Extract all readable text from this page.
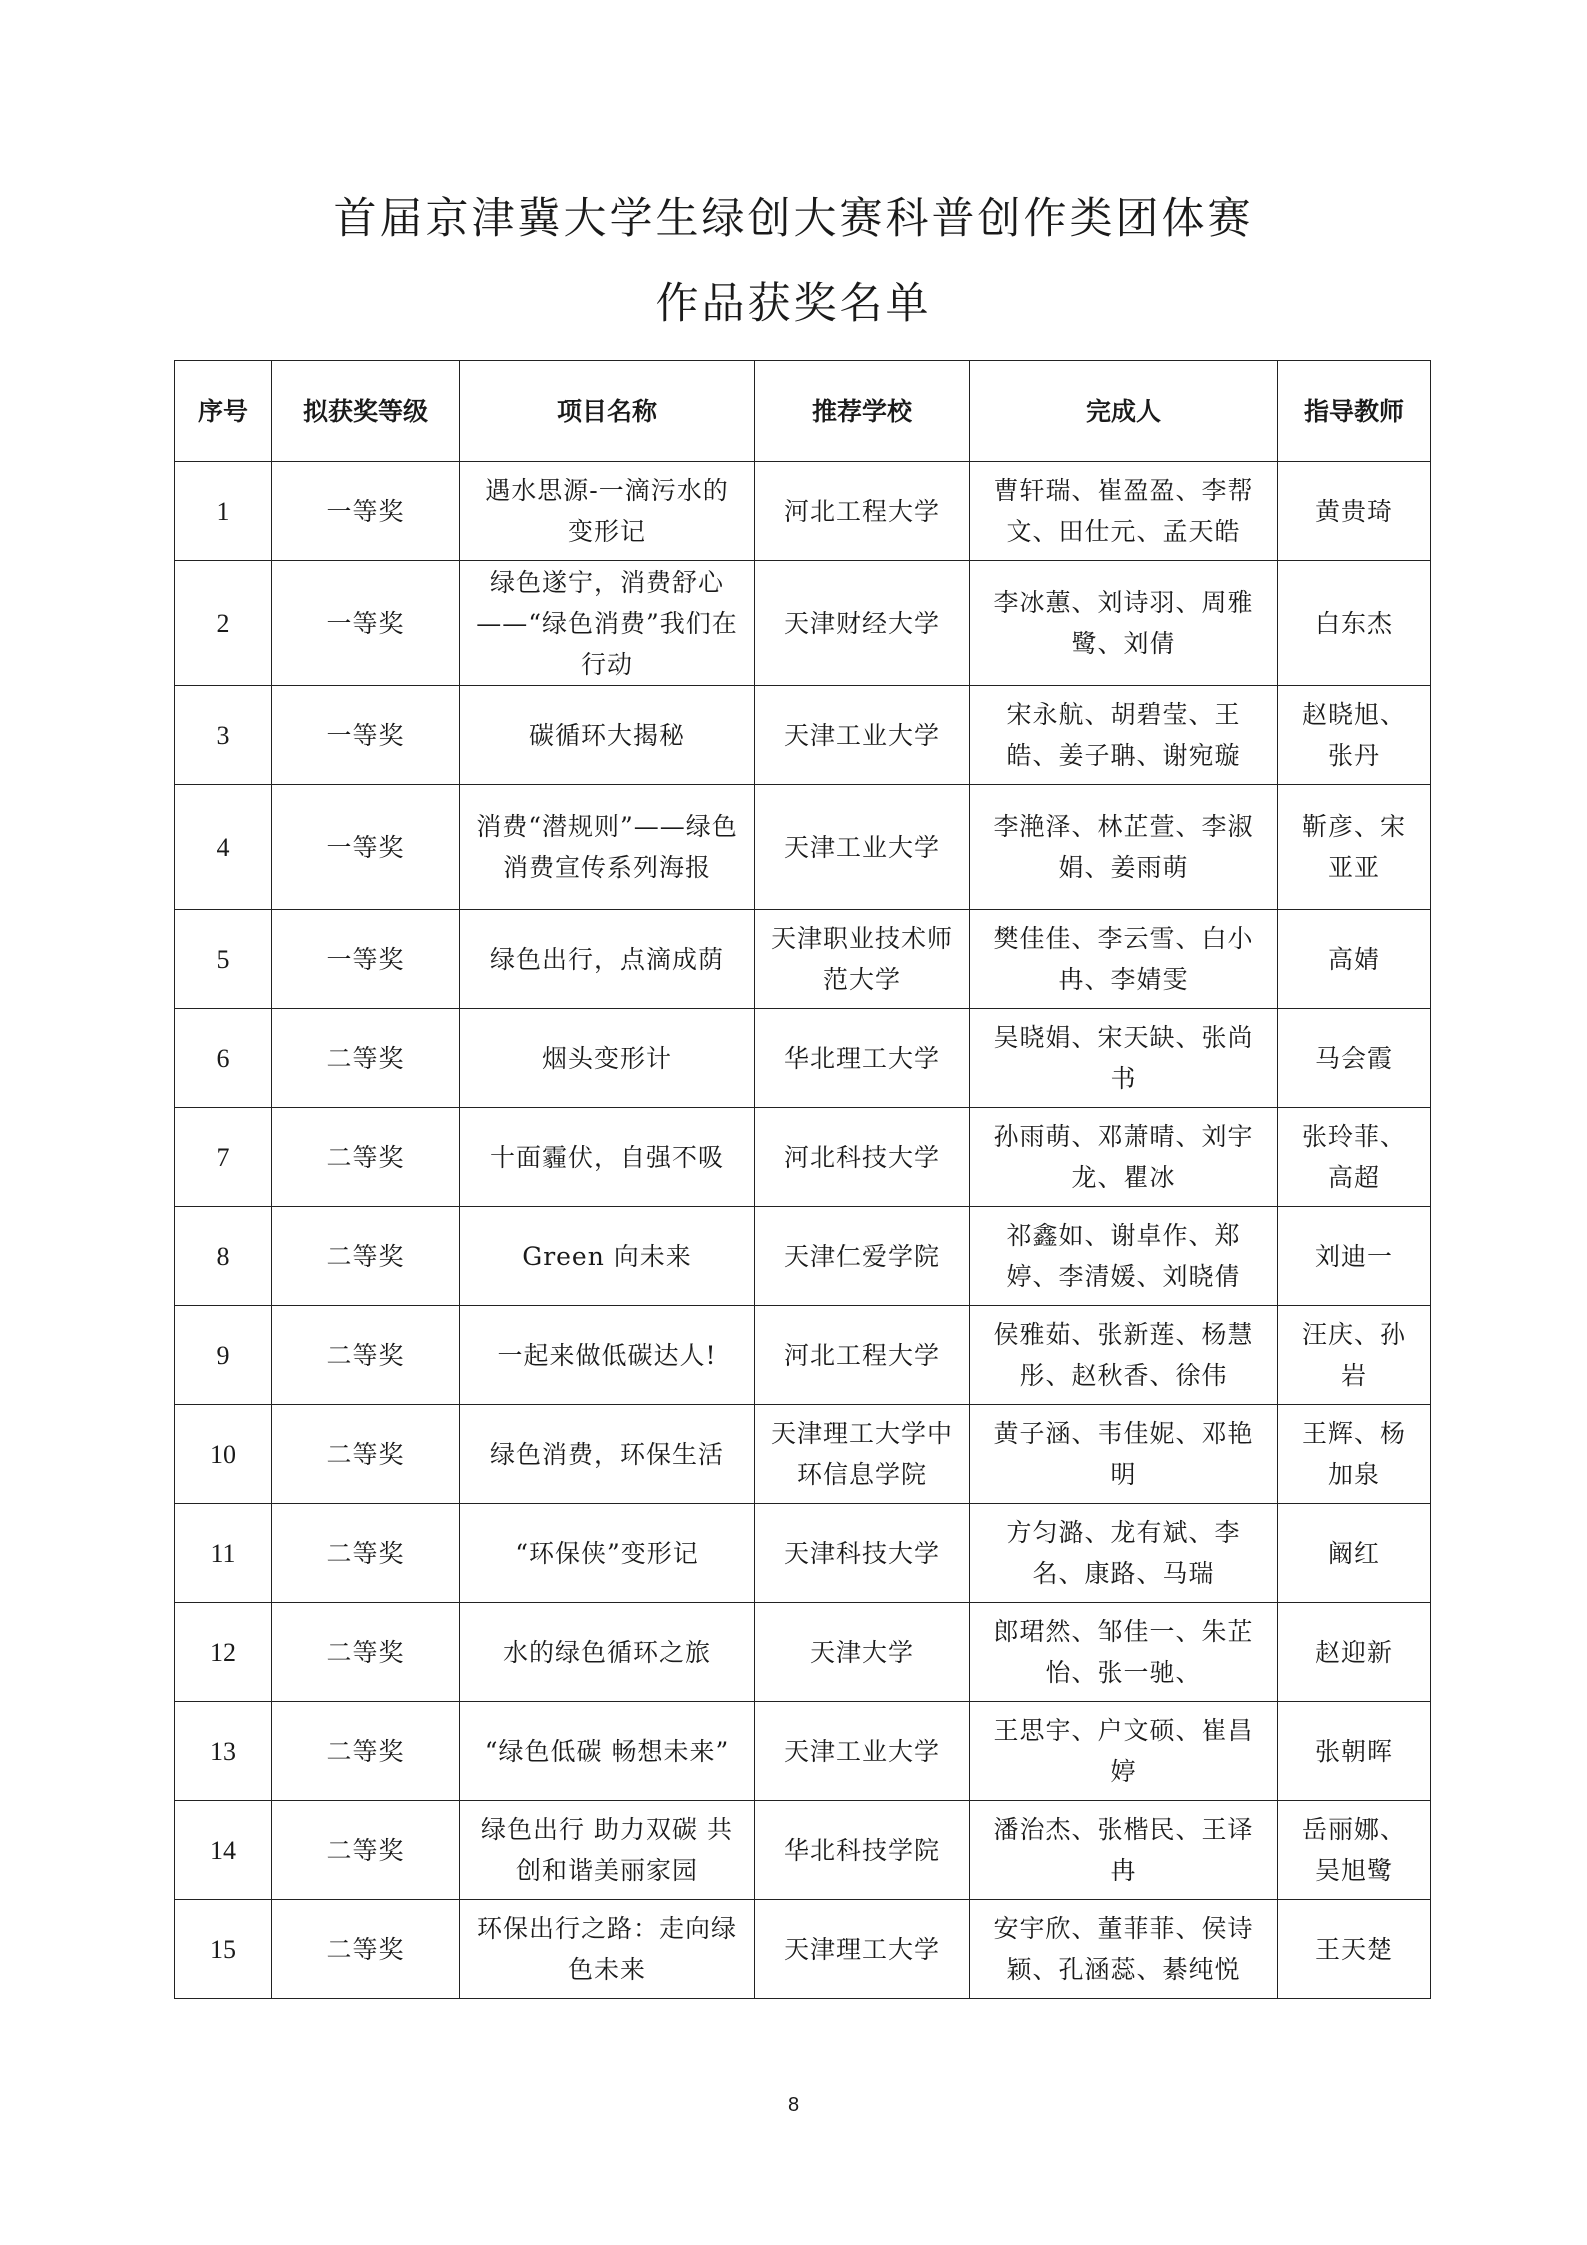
首届京津冀大学生绿创大赛科普创作类团体赛
作品获奖名单
序号	拟获奖等级	项目名称	推荐学校	完成人	指导教师
1	一等奖	遇水思源-一滴污水的变形记	河北工程大学	曹轩瑞、崔盈盈、李帮文、田仕元、孟天皓	黄贵琦
2	一等奖	绿色遂宁，消费舒心——“绿色消费”我们在行动	天津财经大学	李冰蕙、刘诗羽、周雅鹭、刘倩	白东杰
3	一等奖	碳循环大揭秘	天津工业大学	宋永航、胡碧莹、王皓、姜子聃、谢宛璇	赵晓旭、张丹
4	一等奖	消费“潜规则”——绿色消费宣传系列海报	天津工业大学	李滟泽、林芷萱、李淑娟、姜雨萌	靳彦、宋亚亚
5	一等奖	绿色出行，点滴成荫	天津职业技术师范大学	樊佳佳、李云雪、白小冉、李婧雯	高婧
6	二等奖	烟头变形计	华北理工大学	吴晓娟、宋天缺、张尚书	马会霞
7	二等奖	十面霾伏，自强不吸	河北科技大学	孙雨萌、邓萧晴、刘宇龙、瞿冰	张玲菲、高超
8	二等奖	Green 向未来	天津仁爱学院	祁鑫如、谢卓作、郑婷、李清媛、刘晓倩	刘迪一
9	二等奖	一起来做低碳达人!	河北工程大学	侯雅茹、张新莲、杨慧彤、赵秋香、徐伟	汪庆、孙岩
10	二等奖	绿色消费，环保生活	天津理工大学中环信息学院	黄子涵、韦佳妮、邓艳明	王辉、杨加泉
11	二等奖	“环保侠”变形记	天津科技大学	方匀潞、龙有斌、李名、康路、马瑞	阚红
12	二等奖	水的绿色循环之旅	天津大学	郎珺然、邹佳一、朱芷怡、张一驰、	赵迎新
13	二等奖	“绿色低碳 畅想未来”	天津工业大学	王思宇、户文硕、崔昌婷	张朝晖
14	二等奖	绿色出行 助力双碳 共创和谐美丽家园	华北科技学院	潘治杰、张楷民、王译冉	岳丽娜、吴旭鹭
15	二等奖	环保出行之路：走向绿色未来	天津理工大学	安宇欣、董菲菲、侯诗颖、孔涵蕊、綦纯悦	王天楚
8
